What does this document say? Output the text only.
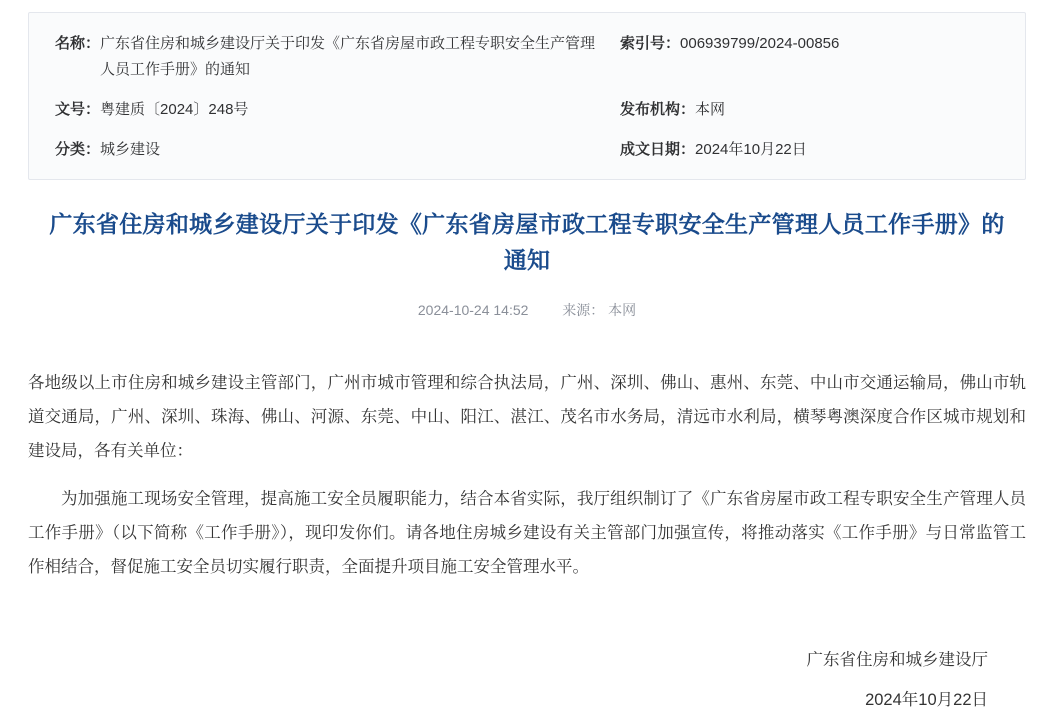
名称： 广东省住房和城乡建设厅关于印发《广东省房屋市政工程专职安全生产管理人员工作手册》的通知
索引号： 006939799/2024-00856
文号： 粤建质〔2024〕248号	发布机构： 本网
分类： 城乡建设	成文日期： 2024年10月22日
广东省住房和城乡建设厅关于印发《广东省房屋市政工程专职安全生产管理人员工作手册》的通知
2024-10-24 14:52 来源： 本网

各地级以上市住房和城乡建设主管部门，广州市城市管理和综合执法局，广州、深圳、佛山、惠州、东莞、中山市交通运输局，佛山市轨道交通局，广州、深圳、珠海、佛山、河源、东莞、中山、阳江、湛江、茂名市水务局，清远市水利局，横琴粤澳深度合作区城市规划和建设局，各有关单位：

为加强施工现场安全管理，提高施工安全员履职能力，结合本省实际，我厅组织制订了《广东省房屋市政工程专职安全生产管理人员工作手册》（以下简称《工作手册》），现印发你们。请各地住房城乡建设有关主管部门加强宣传，将推动落实《工作手册》与日常监管工作相结合，督促施工安全员切实履行职责，全面提升项目施工安全管理水平。

广东省住房和城乡建设厅
2024年10月22日
